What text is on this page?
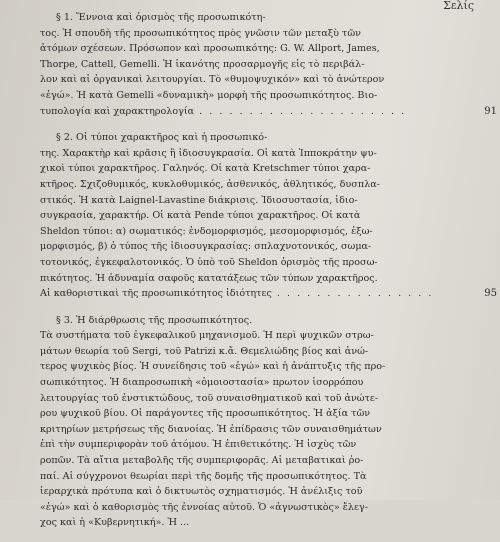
Σελίς
§ 1. Ἔννοια καὶ ὁρισμὸς τῆς προσωπικότη-
τος. Ἡ σπουδὴ τῆς προσωπικότητος πρὸς γνῶσιν τῶν μεταξὺ τῶν
ἀτόμων σχέσεων. Πρόσωπον καὶ προσωπικότης: G. W. Allport, James,
Thorpe, Cattell, Gemelli. Ἡ ἱκανότης προσαρμογῆς εἰς τὸ περιβάλ-
λον καὶ αἱ ὀργανικαὶ λειτουργίαι. Τὸ «θυμοψυχικόν» καὶ τὸ ἀνώτερον
«ἐγώ». Ἡ κατὰ Gemelli «δυναμικὴ» μορφὴ τῆς προσωπικότητος. Βιο-
τυπολογία καὶ χαρακτηρολογία . . . . . . . . . . . . . . . . . . . . .	91
§ 2. Οἱ τύποι χαρακτῆρος καὶ ἡ προσωπικό-
της. Χαρακτὴρ καὶ κρᾶσις ἢ ἰδιοσυγκρασία. Οἱ κατὰ Ἱπποκράτην ψυ-
χικοὶ τύποι χαρακτῆρος. Γαληνός. Οἱ κατὰ Kretschmer τύποι χαρα-
κτῆρος. Σχιζοθυμικός, κυκλοθυμικός, ἀσθενικός, ἀθλητικός, δυσπλα-
στικός. Ἡ κατὰ Laignel-Lavastine διάκρισις. Ἰδιοσυστασία, ἰδιο-
συγκρασία, χαρακτήρ. Οἱ κατὰ Pende τύποι χαρακτῆρος. Οἱ κατὰ
Sheldon τύποι: α) σωματικός: ἐνδομορφισμός, μεσομορφισμός, ἐξω-
μορφισμός, β) ὁ τύπος τῆς ἰδιοσυγκρασίας: σπλαχνοτονικός, σωμα-
τοτονικός, ἐγκεφαλοτονικός. Ὁ ὑπὸ τοῦ Sheldon ὁρισμὸς τῆς προσω-
πικότητος. Ἡ ἀδυναμία σαφοῦς κατατάξεως τῶν τύπων χαρακτῆρος.
Αἱ καθοριστικαὶ τῆς προσωπικότητος ἰδιότητες . . . . . . . . . . . . . . . .	95
§ 3. Ἡ διάρθρωσις τῆς προσωπικότητος.
Τὰ συστήματα τοῦ ἐγκεφαλικοῦ μηχανισμοῦ. Ἡ περὶ ψυχικῶν στρω-
μάτων θεωρία τοῦ Sergi, τοῦ Patrizi κ.ἄ. Θεμελιώδης βίος καὶ ἀνώ-
τερος ψυχικὸς βίος. Ἡ συνείδησις τοῦ «ἐγώ» καὶ ἡ ἀνάπτυξις τῆς προ-
σωπικότητος. Ἡ διαπροσωπικὴ «ὁμοιοστασία» πρωτον ἰσορρόπου
λειτουργίας τοῦ ἐνστικτώδους, τοῦ συναισθηματικοῦ καὶ τοῦ ἀνώτε-
ρου ψυχικοῦ βίου. Οἱ παράγοντες τῆς προσωπικότητος. Ἡ ἀξία τῶν
κριτηρίων μετρήσεως τῆς διανοίας. Ἡ ἐπίδρασις τῶν συναισθημάτων
ἐπὶ τὴν συμπεριφορὰν τοῦ ἀτόμου. Ἡ ἐπιθετικότης. Ἡ ἰσχὺς τῶν
ροπῶν. Τὰ αἴτια μεταβολῆς τῆς συμπεριφορᾶς. Αἱ μεταβατικαὶ ῥο-
παί. Αἱ σύγχρονοι θεωρίαι περὶ τῆς δομῆς τῆς προσωπικότητος. Τὰ
ἱεραρχικὰ πρότυπα καὶ ὁ δικτυωτὸς σχηματισμός. Ἡ ἀνέλιξις τοῦ
«ἐγώ» καὶ ὁ καθορισμὸς τῆς ἐννοίας αὐτοῦ. Ὁ «ἀγνωστικὸς» ἔλεγ-
χος καὶ ἡ «Κυβερνητική». Ἡ ...
